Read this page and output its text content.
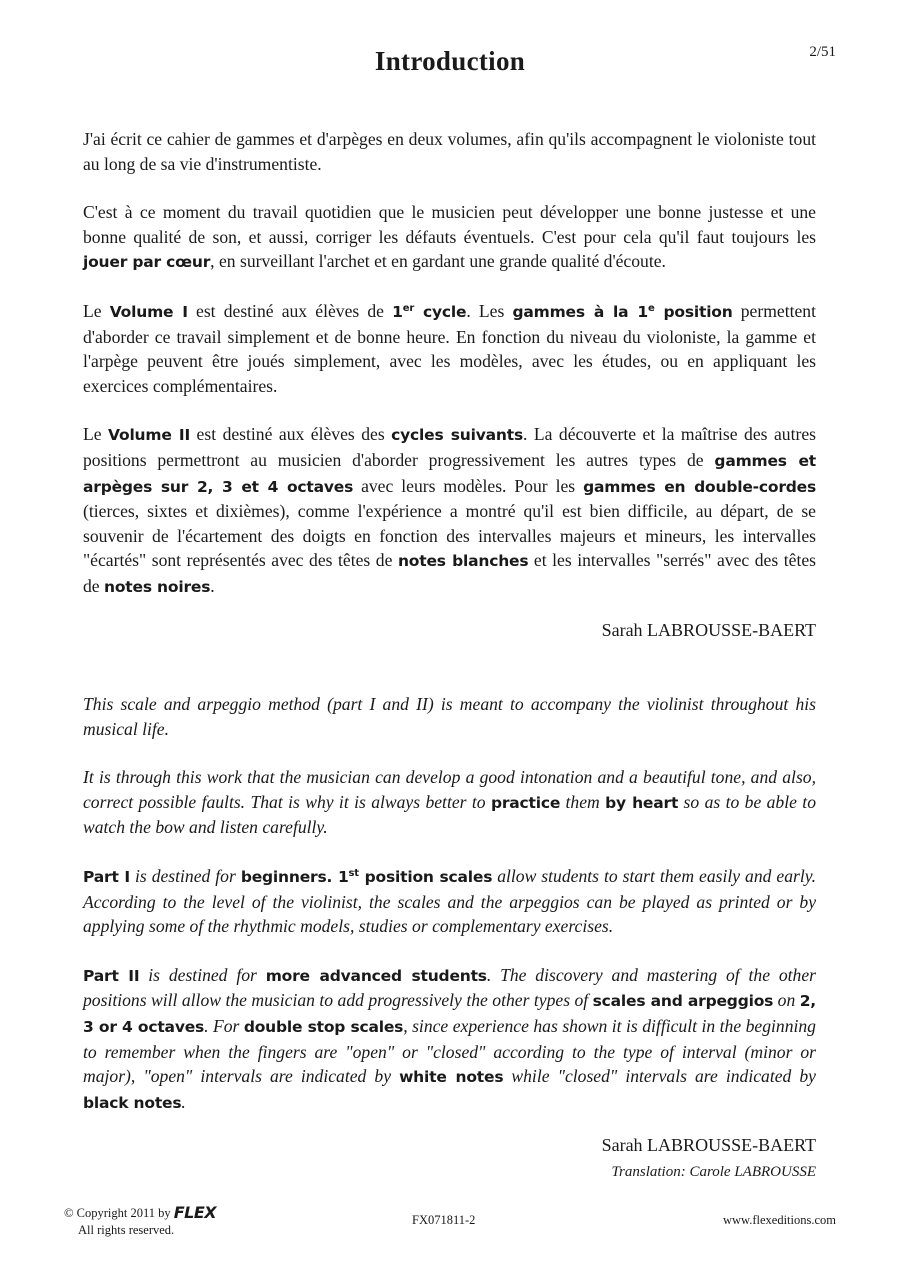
Introduction	2/51

J'ai écrit ce cahier de gammes et d'arpèges en deux volumes, afin qu'ils accompagnent le violoniste tout au long de sa vie d'instrumentiste.

C'est à ce moment du travail quotidien que le musicien peut développer une bonne justesse et une bonne qualité de son, et aussi, corriger les défauts éventuels. C'est pour cela qu'il faut toujours les jouer par cœur, en surveillant l'archet et en gardant une grande qualité d'écoute.

Le Volume I est destiné aux élèves de 1er cycle. Les gammes à la 1e position permettent d'aborder ce travail simplement et de bonne heure. En fonction du niveau du violoniste, la gamme et l'arpège peuvent être joués simplement, avec les modèles, avec les études, ou en appliquant les exercices complémentaires.

Le Volume II est destiné aux élèves des cycles suivants. La découverte et la maîtrise des autres positions permettront au musicien d'aborder progressivement les autres types de gammes et arpèges sur 2, 3 et 4 octaves avec leurs modèles. Pour les gammes en double-cordes (tierces, sixtes et dixièmes), comme l'expérience a montré qu'il est bien difficile, au départ, de se souvenir de l'écartement des doigts en fonction des intervalles majeurs et mineurs, les intervalles "écartés" sont représentés avec des têtes de notes blanches et les intervalles "serrés" avec des têtes de notes noires.

Sarah LABROUSSE-BAERT

This scale and arpeggio method (part I and II) is meant to accompany the violinist throughout his musical life.

It is through this work that the musician can develop a good intonation and a beautiful tone, and also, correct possible faults. That is why it is always better to practice them by heart so as to be able to watch the bow and listen carefully.

Part I is destined for beginners. 1st position scales allow students to start them easily and early. According to the level of the violinist, the scales and the arpeggios can be played as printed or by applying some of the rhythmic models, studies or complementary exercises.

Part II is destined for more advanced students. The discovery and mastering of the other positions will allow the musician to add progressively the other types of scales and arpeggios on 2, 3 or 4 octaves. For double stop scales, since experience has shown it is difficult in the beginning to remember when the fingers are "open" or "closed" according to the type of interval (minor or major), "open" intervals are indicated by white notes while "closed" intervals are indicated by black notes.

Sarah LABROUSSE-BAERT
Translation: Carole LABROUSSE
© Copyright 2011 by FLEX
All rights reserved.
FX071811-2	www.flexeditions.com
